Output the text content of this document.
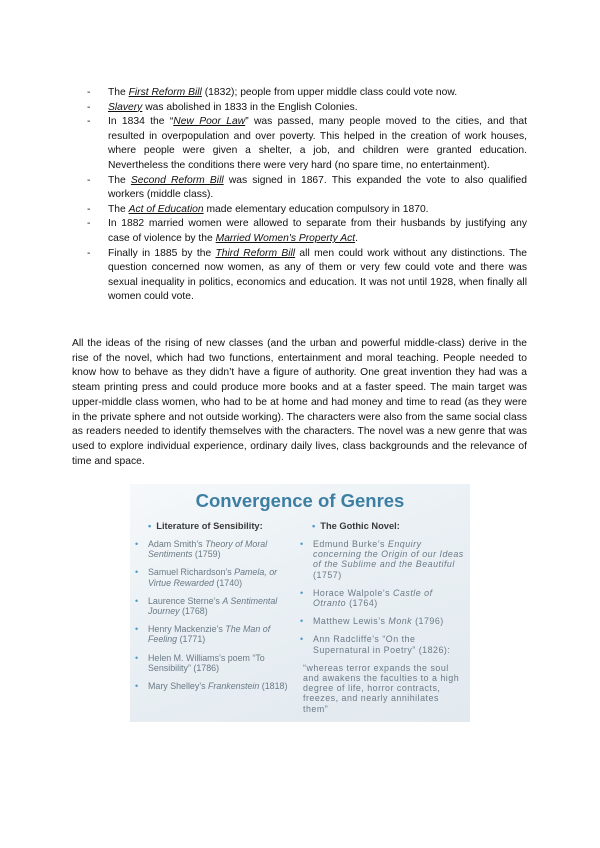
- The First Reform Bill (1832); people from upper middle class could vote now.
- Slavery was abolished in 1833 in the English Colonies.
- In 1834 the “New Poor Law” was passed, many people moved to the cities, and that resulted in overpopulation and over poverty. This helped in the creation of work houses, where people were given a shelter, a job, and children were granted education. Nevertheless the conditions there were very hard (no spare time, no entertainment).
- The Second Reform Bill was signed in 1867. This expanded the vote to also qualified workers (middle class).
- The Act of Education made elementary education compulsory in 1870.
- In 1882 married women were allowed to separate from their husbands by justifying any case of violence by the Married Women's Property Act.
- Finally in 1885 by the Third Reform Bill all men could work without any distinctions. The question concerned now women, as any of them or very few could vote and there was sexual inequality in politics, economics and education. It was not until 1928, when finally all women could vote.

All the ideas of the rising of new classes (and the urban and powerful middle-class) derive in the rise of the novel, which had two functions, entertainment and moral teaching. People needed to know how to behave as they didn’t have a figure of authority. One great invention they had was a steam printing press and could produce more books and at a faster speed. The main target was upper-middle class women, who had to be at home and had money and time to read (as they were in the private sphere and not outside working). The characters were also from the same social class as readers needed to identify themselves with the characters. The novel was a new genre that was used to explore individual experience, ordinary daily lives, class backgrounds and the relevance of time and space.

Convergence of Genres
• Literature of Sensibility:	• The Gothic Novel:
• Adam Smith’s Theory of Moral Sentiments (1759)
• Samuel Richardson’s Pamela, or Virtue Rewarded (1740)
• Laurence Sterne’s A Sentimental Journey (1768)
• Henry Mackenzie’s The Man of Feeling (1771)
• Helen M. Williams’s poem “To Sensibility” (1786)
• Mary Shelley’s Frankenstein (1818)
• Edmund Burke’s Enquiry concerning the Origin of our Ideas of the Sublime and the Beautiful (1757)
• Horace Walpole’s Castle of Otranto (1764)
• Matthew Lewis’s Monk (1796)
• Ann Radcliffe’s “On the Supernatural in Poetry” (1826):
“whereas terror expands the soul and awakens the faculties to a high degree of life, horror contracts, freezes, and nearly annihilates them”
